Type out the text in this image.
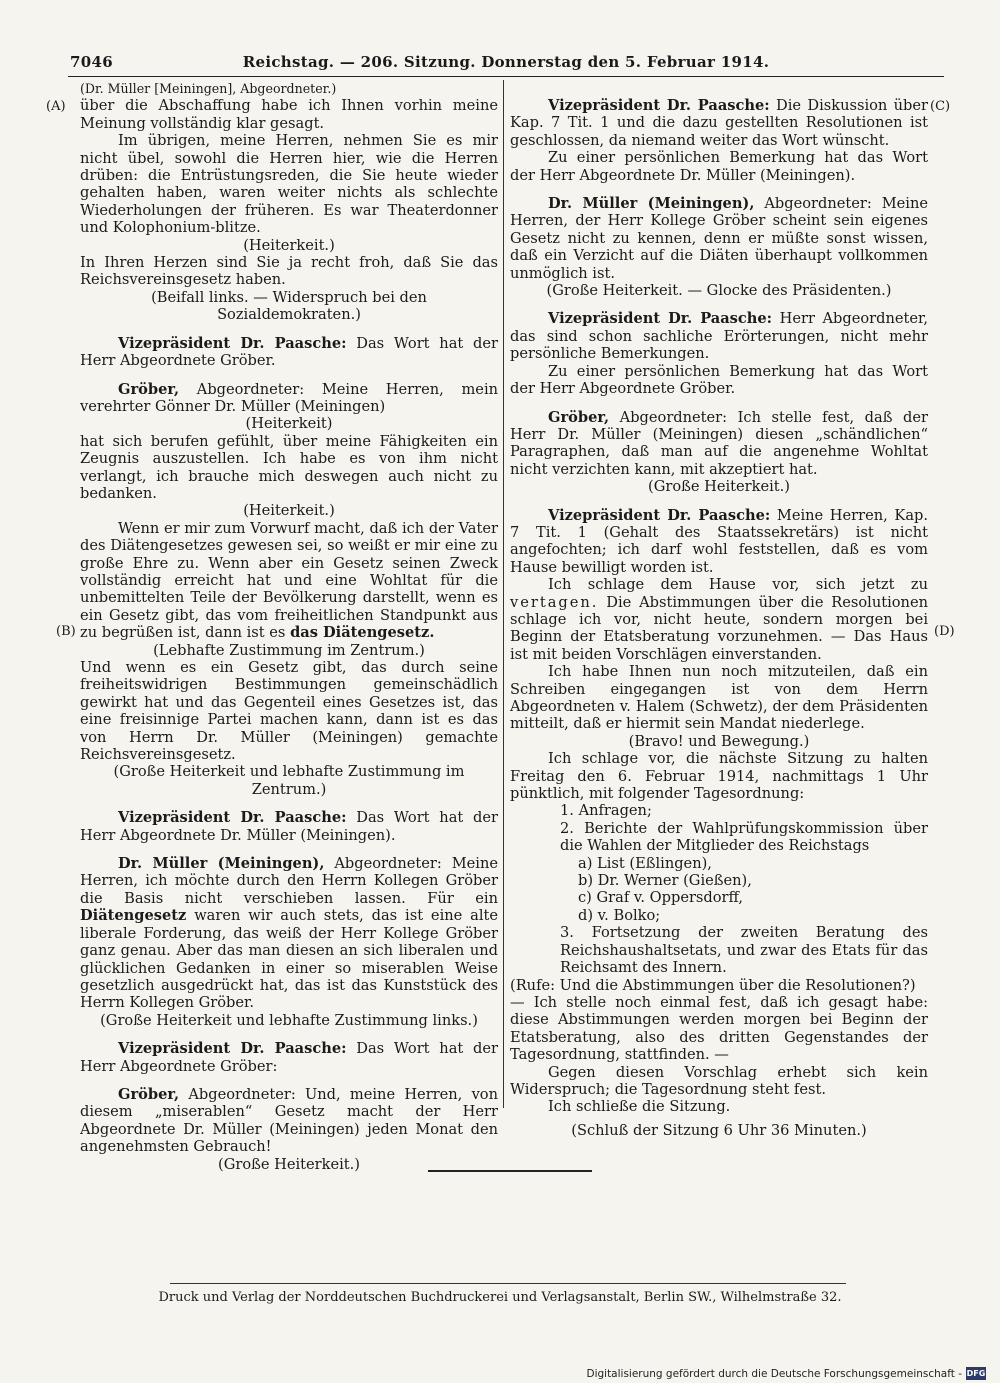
7046	Reichstag. — 206. Sitzung. Donnerstag den 5. Februar 1914.
(A)
(B)
(C)
(D)

(Dr. Müller [Meiningen], Abgeordneter.)

über die Abschaffung habe ich Ihnen vorhin meine Meinung vollständig klar gesagt.

Im übrigen, meine Herren, nehmen Sie es mir nicht übel, sowohl die Herren hier, wie die Herren drüben: die Entrüstungsreden, die Sie heute wieder gehalten haben, waren weiter nichts als schlechte Wiederholungen der früheren. Es war Theaterdonner und Kolophonium-blitze.

(Heiterkeit.)

In Ihren Herzen sind Sie ja recht froh, daß Sie das Reichsvereinsgesetz haben.

(Beifall links. — Widerspruch bei den Sozialdemokraten.)

Vizepräsident Dr. Paasche: Das Wort hat der Herr Abgeordnete Gröber.

Gröber, Abgeordneter: Meine Herren, mein verehrter Gönner Dr. Müller (Meiningen)

(Heiterkeit)

hat sich berufen gefühlt, über meine Fähigkeiten ein Zeugnis auszustellen. Ich habe es von ihm nicht verlangt, ich brauche mich deswegen auch nicht zu bedanken.

(Heiterkeit.)

Wenn er mir zum Vorwurf macht, daß ich der Vater des Diätengesetzes gewesen sei, so weißt er mir eine zu große Ehre zu. Wenn aber ein Gesetz seinen Zweck vollständig erreicht hat und eine Wohltat für die unbemittelten Teile der Bevölkerung darstellt, wenn es ein Gesetz gibt, das vom freiheitlichen Standpunkt aus zu begrüßen ist, dann ist es das Diätengesetz.

(Lebhafte Zustimmung im Zentrum.)

Und wenn es ein Gesetz gibt, das durch seine freiheitswidrigen Bestimmungen gemeinschädlich gewirkt hat und das Gegenteil eines Gesetzes ist, das eine freisinnige Partei machen kann, dann ist es das von Herrn Dr. Müller (Meiningen) gemachte Reichsvereinsgesetz.

(Große Heiterkeit und lebhafte Zustimmung im Zentrum.)

Vizepräsident Dr. Paasche: Das Wort hat der Herr Abgeordnete Dr. Müller (Meiningen).

Dr. Müller (Meiningen), Abgeordneter: Meine Herren, ich möchte durch den Herrn Kollegen Gröber die Basis nicht verschieben lassen. Für ein Diätengesetz waren wir auch stets, das ist eine alte liberale Forderung, das weiß der Herr Kollege Gröber ganz genau. Aber das man diesen an sich liberalen und glücklichen Gedanken in einer so miserablen Weise gesetzlich ausgedrückt hat, das ist das Kunststück des Herrn Kollegen Gröber.

(Große Heiterkeit und lebhafte Zustimmung links.)

Vizepräsident Dr. Paasche: Das Wort hat der Herr Abgeordnete Gröber:

Gröber, Abgeordneter: Und, meine Herren, von diesem „miserablen“ Gesetz macht der Herr Abgeordnete Dr. Müller (Meiningen) jeden Monat den angenehmsten Gebrauch!

(Große Heiterkeit.)

Vizepräsident Dr. Paasche: Die Diskussion über Kap. 7 Tit. 1 und die dazu gestellten Resolutionen ist geschlossen, da niemand weiter das Wort wünscht.

Zu einer persönlichen Bemerkung hat das Wort der Herr Abgeordnete Dr. Müller (Meiningen).

Dr. Müller (Meiningen), Abgeordneter: Meine Herren, der Herr Kollege Gröber scheint sein eigenes Gesetz nicht zu kennen, denn er müßte sonst wissen, daß ein Verzicht auf die Diäten überhaupt vollkommen unmöglich ist.

(Große Heiterkeit. — Glocke des Präsidenten.)

Vizepräsident Dr. Paasche: Herr Abgeordneter, das sind schon sachliche Erörterungen, nicht mehr persönliche Bemerkungen.

Zu einer persönlichen Bemerkung hat das Wort der Herr Abgeordnete Gröber.

Gröber, Abgeordneter: Ich stelle fest, daß der Herr Dr. Müller (Meiningen) diesen „schändlichen“ Paragraphen, daß man auf die angenehme Wohltat nicht verzichten kann, mit akzeptiert hat.

(Große Heiterkeit.)

Vizepräsident Dr. Paasche: Meine Herren, Kap. 7 Tit. 1 (Gehalt des Staatssekretärs) ist nicht angefochten; ich darf wohl feststellen, daß es vom Hause bewilligt worden ist.

Ich schlage dem Hause vor, sich jetzt zu vertagen. Die Abstimmungen über die Resolutionen schlage ich vor, nicht heute, sondern morgen bei Beginn der Etatsberatung vorzunehmen. — Das Haus ist mit beiden Vorschlägen einverstanden.

Ich habe Ihnen nun noch mitzuteilen, daß ein Schreiben eingegangen ist von dem Herrn Abgeordneten v. Halem (Schwetz), der dem Präsidenten mitteilt, daß er hiermit sein Mandat niederlege.

(Bravo! und Bewegung.)

Ich schlage vor, die nächste Sitzung zu halten Freitag den 6. Februar 1914, nachmittags 1 Uhr pünktlich, mit folgender Tagesordnung:

1. Anfragen;

2. Berichte der Wahlprüfungskommission über die Wahlen der Mitglieder des Reichstags

a) List (Eßlingen),

b) Dr. Werner (Gießen),

c) Graf v. Oppersdorff,

d) v. Bolko;

3. Fortsetzung der zweiten Beratung des Reichshaushaltsetats, und zwar des Etats für das Reichsamt des Innern.

(Rufe: Und die Abstimmungen über die Resolutionen?)

— Ich stelle noch einmal fest, daß ich gesagt habe: diese Abstimmungen werden morgen bei Beginn der Etatsberatung, also des dritten Gegenstandes der Tagesordnung, stattfinden. —

Gegen diesen Vorschlag erhebt sich kein Widerspruch; die Tagesordnung steht fest.

Ich schließe die Sitzung.

(Schluß der Sitzung 6 Uhr 36 Minuten.)

Druck und Verlag der Norddeutschen Buchdruckerei und Verlagsanstalt, Berlin SW., Wilhelmstraße 32.
Digitalisierung gefördert durch die Deutsche Forschungsgemeinschaft - DFG
